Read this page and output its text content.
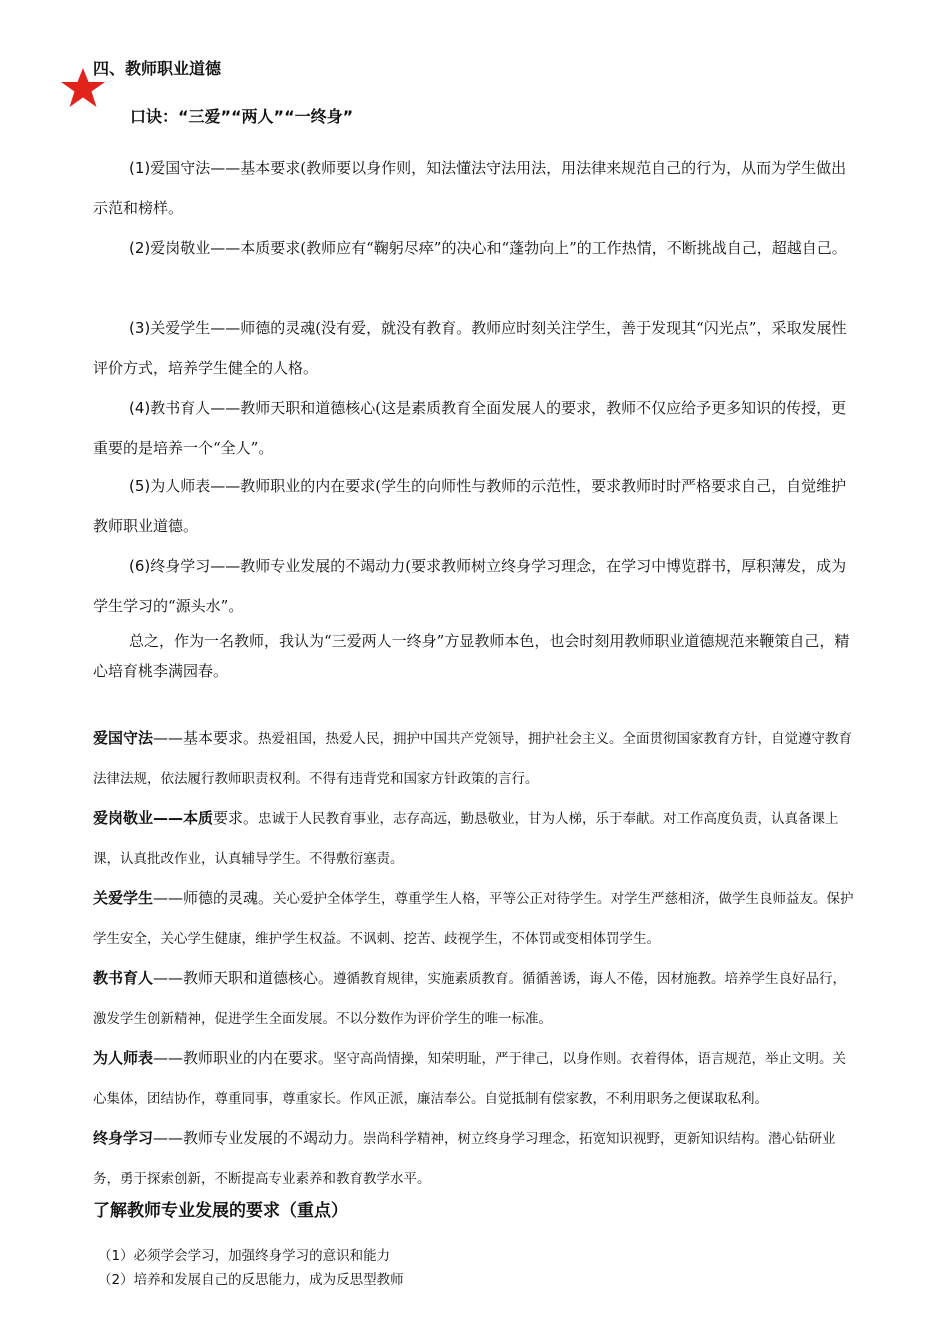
四、教师职业道德
口诀：“三爱”“两人”“一终身”
(1)爱国守法——基本要求(教师要以身作则，知法懂法守法用法，用法律来规范自己的行为，从而为学生做出示范和榜样。
(2)爱岗敬业——本质要求(教师应有“鞠躬尽瘁”的决心和“蓬勃向上”的工作热情，不断挑战自己，超越自己。
(3)关爱学生——师德的灵魂(没有爱，就没有教育。教师应时刻关注学生，善于发现其“闪光点”，采取发展性评价方式，培养学生健全的人格。
(4)教书育人——教师天职和道德核心(这是素质教育全面发展人的要求，教师不仅应给予更多知识的传授，更重要的是培养一个“全人”。
(5)为人师表——教师职业的内在要求(学生的向师性与教师的示范性，要求教师时时严格要求自己，自觉维护教师职业道德。
(6)终身学习——教师专业发展的不竭动力(要求教师树立终身学习理念，在学习中博览群书，厚积薄发，成为学生学习的“源头水”。
总之，作为一名教师，我认为“三爱两人一终身”方显教师本色，也会时刻用教师职业道德规范来鞭策自己，精心培育桃李满园春。
爱国守法——基本要求。热爱祖国，热爱人民，拥护中国共产党领导，拥护社会主义。全面贯彻国家教育方针，自觉遵守教育法律法规，依法履行教师职责权利。不得有违背党和国家方针政策的言行。
爱岗敬业——本质要求。忠诚于人民教育事业，志存高远，勤恳敬业，甘为人梯，乐于奉献。对工作高度负责，认真备课上课，认真批改作业，认真辅导学生。不得敷衍塞责。
关爱学生——师德的灵魂。关心爱护全体学生，尊重学生人格，平等公正对待学生。对学生严慈相济，做学生良师益友。保护学生安全，关心学生健康，维护学生权益。不讽刺、挖苦、歧视学生，不体罚或变相体罚学生。
教书育人——教师天职和道德核心。遵循教育规律，实施素质教育。循循善诱，诲人不倦，因材施教。培养学生良好品行，激发学生创新精神，促进学生全面发展。不以分数作为评价学生的唯一标准。
为人师表——教师职业的内在要求。坚守高尚情操，知荣明耻，严于律己，以身作则。衣着得体，语言规范，举止文明。关心集体，团结协作，尊重同事，尊重家长。作风正派，廉洁奉公。自觉抵制有偿家教，不利用职务之便谋取私利。
终身学习——教师专业发展的不竭动力。崇尚科学精神，树立终身学习理念，拓宽知识视野，更新知识结构。潜心钻研业务，勇于探索创新，不断提高专业素养和教育教学水平。
了解教师专业发展的要求（重点）
（1）必须学会学习，加强终身学习的意识和能力
（2）培养和发展自己的反思能力，成为反思型教师
